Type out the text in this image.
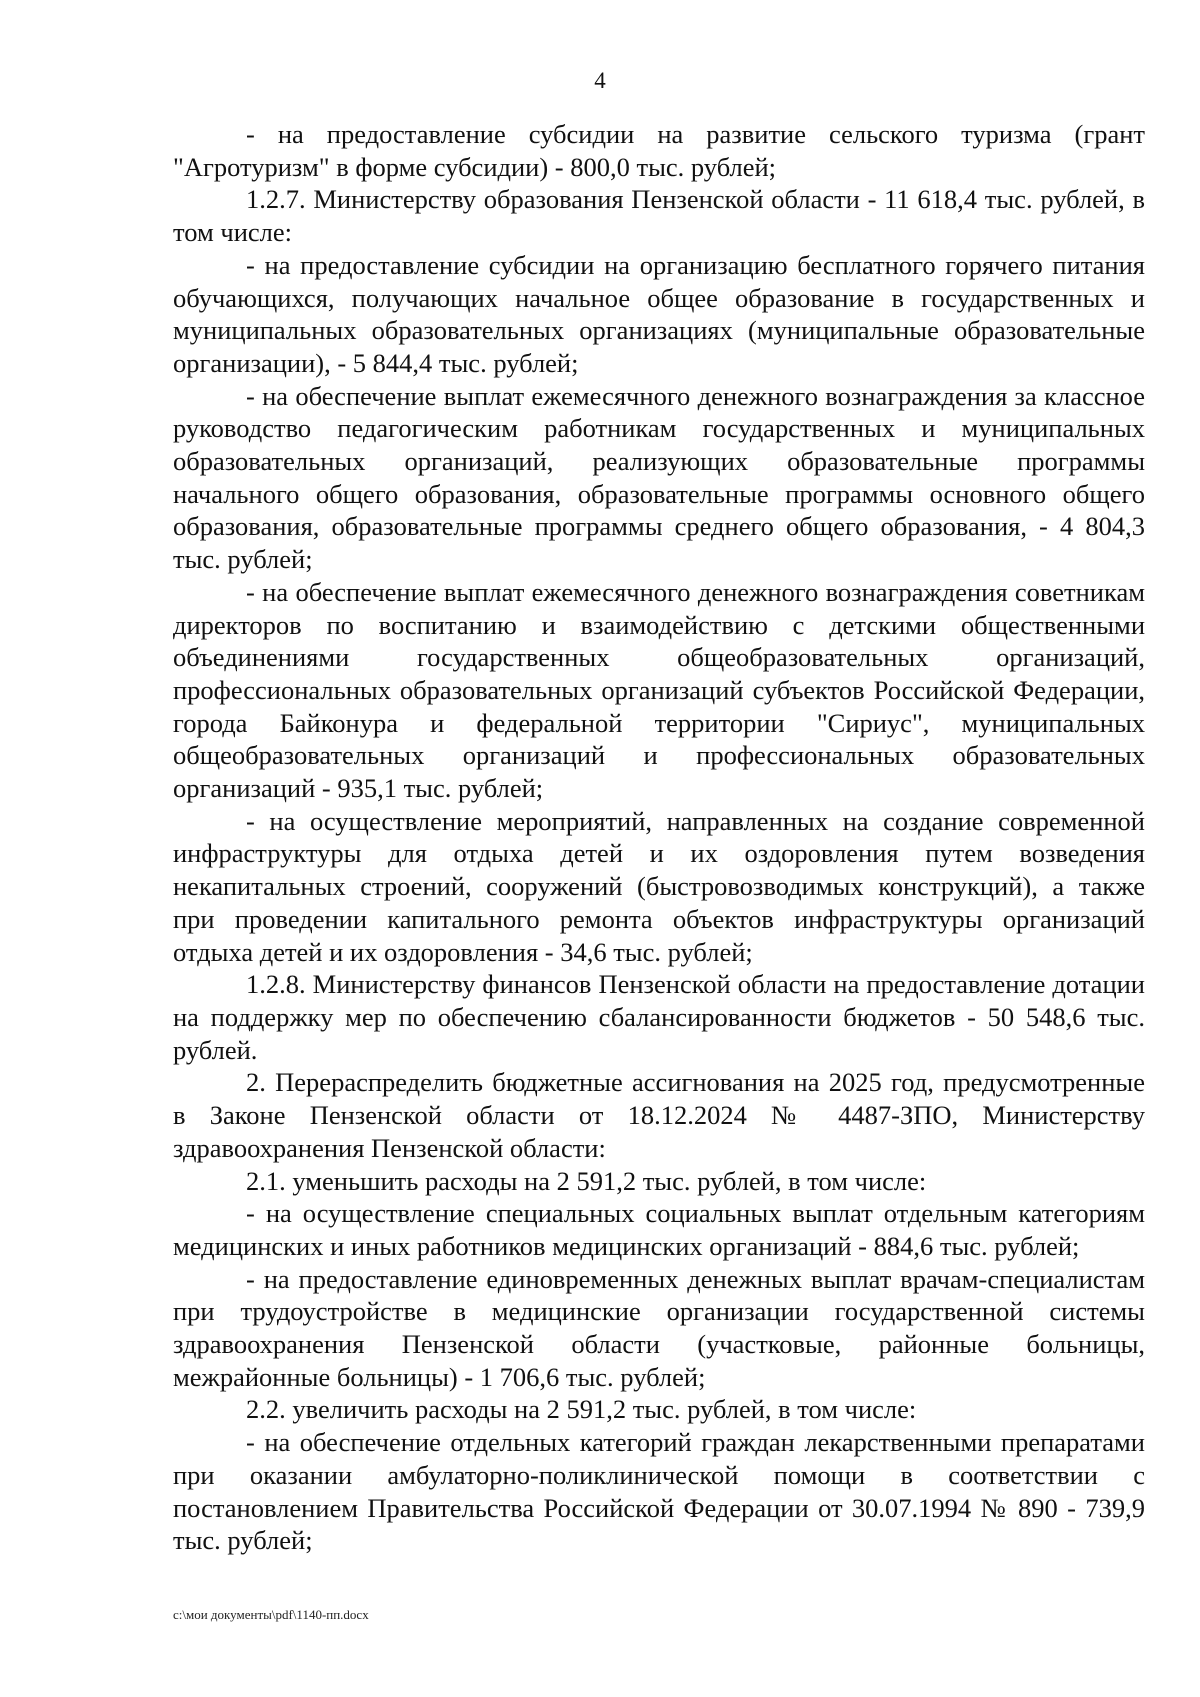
4

- на предоставление субсидии на развитие сельского туризма (грант "Агротуризм" в форме субсидии) - 800,0 тыс. рублей;

1.2.7. Министерству образования Пензенской области - 11 618,4 тыс. рублей, в том числе:

- на предоставление субсидии на организацию бесплатного горячего питания обучающихся, получающих начальное общее образование в государственных и муниципальных образовательных организациях (муниципальные образовательные организации), - 5 844,4 тыс. рублей;

- на обеспечение выплат ежемесячного денежного вознаграждения за классное руководство педагогическим работникам государственных и муниципальных образовательных организаций, реализующих образовательные программы начального общего образования, образовательные программы основного общего образования, образовательные программы среднего общего образования, - 4 804,3 тыс. рублей;

- на обеспечение выплат ежемесячного денежного вознаграждения советникам директоров по воспитанию и взаимодействию с детскими общественными объединениями государственных общеобразовательных организаций, профессиональных образовательных организаций субъектов Российской Федерации, города Байконура и федеральной территории "Сириус", муниципальных общеобразовательных организаций и профессиональных образовательных организаций - 935,1 тыс. рублей;

- на осуществление мероприятий, направленных на создание современной инфраструктуры для отдыха детей и их оздоровления путем возведения некапитальных строений, сооружений (быстровозводимых конструкций), а также при проведении капитального ремонта объектов инфраструктуры организаций отдыха детей и их оздоровления - 34,6 тыс. рублей;

1.2.8. Министерству финансов Пензенской области на предоставление дотации на поддержку мер по обеспечению сбалансированности бюджетов - 50 548,6 тыс. рублей.

2. Перераспределить бюджетные ассигнования на 2025 год, предусмотренные в Законе Пензенской области от 18.12.2024 № 4487-ЗПО, Министерству здравоохранения Пензенской области:

2.1. уменьшить расходы на 2 591,2 тыс. рублей, в том числе:

- на осуществление специальных социальных выплат отдельным категориям медицинских и иных работников медицинских организаций - 884,6 тыс. рублей;

- на предоставление единовременных денежных выплат врачам-специалистам при трудоустройстве в медицинские организации государственной системы здравоохранения Пензенской области (участковые, районные больницы, межрайонные больницы) - 1 706,6 тыс. рублей;

2.2. увеличить расходы на 2 591,2 тыс. рублей, в том числе:

- на обеспечение отдельных категорий граждан лекарственными препаратами при оказании амбулаторно-поликлинической помощи в соответствии с постановлением Правительства Российской Федерации от 30.07.1994 № 890 - 739,9 тыс. рублей;

c:\мои документы\pdf\1140-пп.docx
